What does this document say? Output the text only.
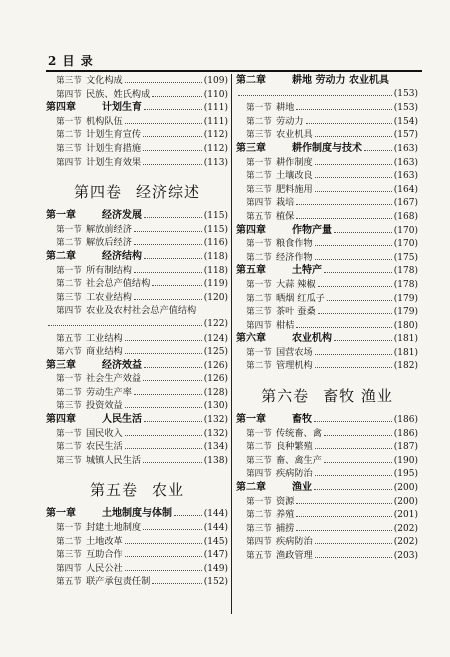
2 目 录
第三节 文化构成	(109)
第四节 民族、姓氏构成	(110)
第四章	计划生育	(111)
第一节 机构队伍	(111)
第二节 计划生育宣传	(112)
第三节 计划生育措施	(112)
第四节 计划生育效果	(113)
第四卷 经济综述
第一章	经济发展	(115)
第一节 解放前经济	(115)
第二节 解放后经济	(116)
第二章	经济结构	(118)
第一节 所有制结构	(118)
第二节 社会总产值结构	(119)
第三节 工农业结构	(120)
第四节 农业及农村社会总产值结构
(122)
第五节 工业结构	(124)
第六节 商业结构	(125)
第三章	经济效益	(126)
第一节 社会生产效益	(126)
第二节 劳动生产率	(128)
第三节 投资效益	(130)
第四章	人民生活	(132)
第一节 国民收入	(132)
第二节 农民生活	(134)
第三节 城镇人民生活	(138)
第五卷 农业
第一章	土地制度与体制	(144)
第一节 封建土地制度	(144)
第二节 土地改革	(145)
第三节 互助合作	(147)
第四节 人民公社	(149)
第五节 联产承包责任制	(152)
第二章	耕地 劳动力 农业机具
(153)
第一节 耕地	(153)
第二节 劳动力	(154)
第三节 农业机具	(157)
第三章	耕作制度与技术	(163)
第一节 耕作制度	(163)
第二节 土壤改良	(163)
第三节 肥料施用	(164)
第四节 栽培	(167)
第五节 植保	(168)
第四章	作物产量	(170)
第一节 粮食作物	(170)
第二节 经济作物	(175)
第五章	土特产	(178)
第一节 大蒜 辣椒	(178)
第二节 晒烟 红瓜子	(179)
第三节 茶叶 蚕桑	(179)
第四节 柑桔	(180)
第六章	农业机构	(181)
第一节 国营农场	(181)
第二节 管理机构	(182)
第六卷 畜牧 渔业
第一章	畜牧	(186)
第一节 传统畜、禽	(186)
第二节 良种繁殖	(187)
第三节 畜、禽生产	(190)
第四节 疾病防治	(195)
第二章	渔业	(200)
第一节 资源	(200)
第二节 养殖	(201)
第三节 捕捞	(202)
第四节 疾病防治	(202)
第五节 渔政管理	(203)
